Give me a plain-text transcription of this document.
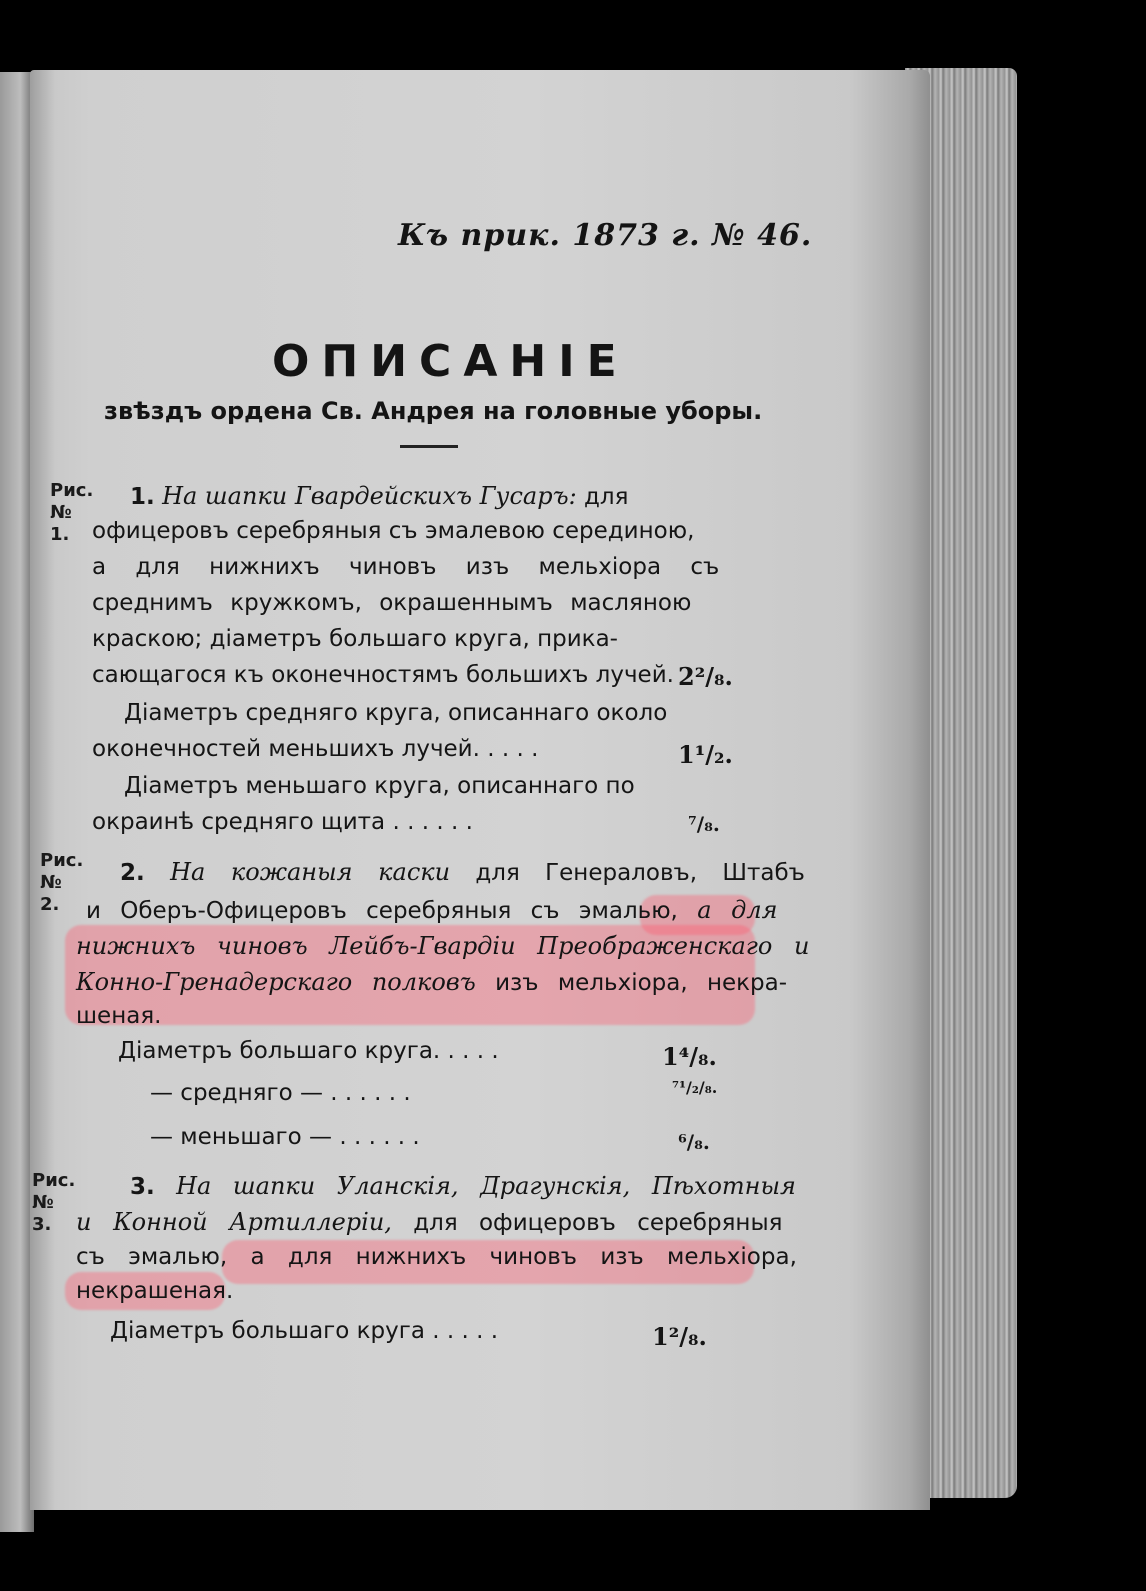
Къ прик. 1873 г. № 46.
ОПИСАНІЕ
звѣздъ ордена Св. Андрея на головные уборы.
Рис. № 1.
1. На шапки Гвардейскихъ Гусаръ: для
офицеровъ серебряныя съ эмалевою серединою,
а для нижнихъ чиновъ изъ мельхіора съ
среднимъ кружкомъ, окрашеннымъ масляною
краскою; діаметръ большаго круга, прика-
сающагося къ оконечностямъ большихъ лучей. 2²/₈.
Діаметръ средняго круга, описаннаго около
оконечностей меньшихъ лучей. . . . .	1¹/₂.
Діаметръ меньшаго круга, описаннаго по
окраинѣ средняго щита . . . . . .	⁷/₈.
Рис. № 2.
2. На кожаныя каски для Генераловъ, Штабъ
и Оберъ-Офицеровъ серебряныя съ эмалью, а для
нижнихъ чиновъ Лейбъ-Гвардіи Преображенскаго и
Конно-Гренадерскаго полковъ изъ мельхіора, некра-
шеная.
Діаметръ большаго круга. . . . .	1⁴/₈.
— средняго — . . . . . .	⁷¹/₂/₈.
— меньшаго — . . . . . .	⁶/₈.
Рис. № 3.
3. На шапки Уланскія, Драгунскія, Пѣхотныя
и Конной Артиллеріи, для офицеровъ серебряныя
съ эмалью, а для нижнихъ чиновъ изъ мельхіора,
некрашеная.
Діаметръ большаго круга . . . . .	1²/₈.
